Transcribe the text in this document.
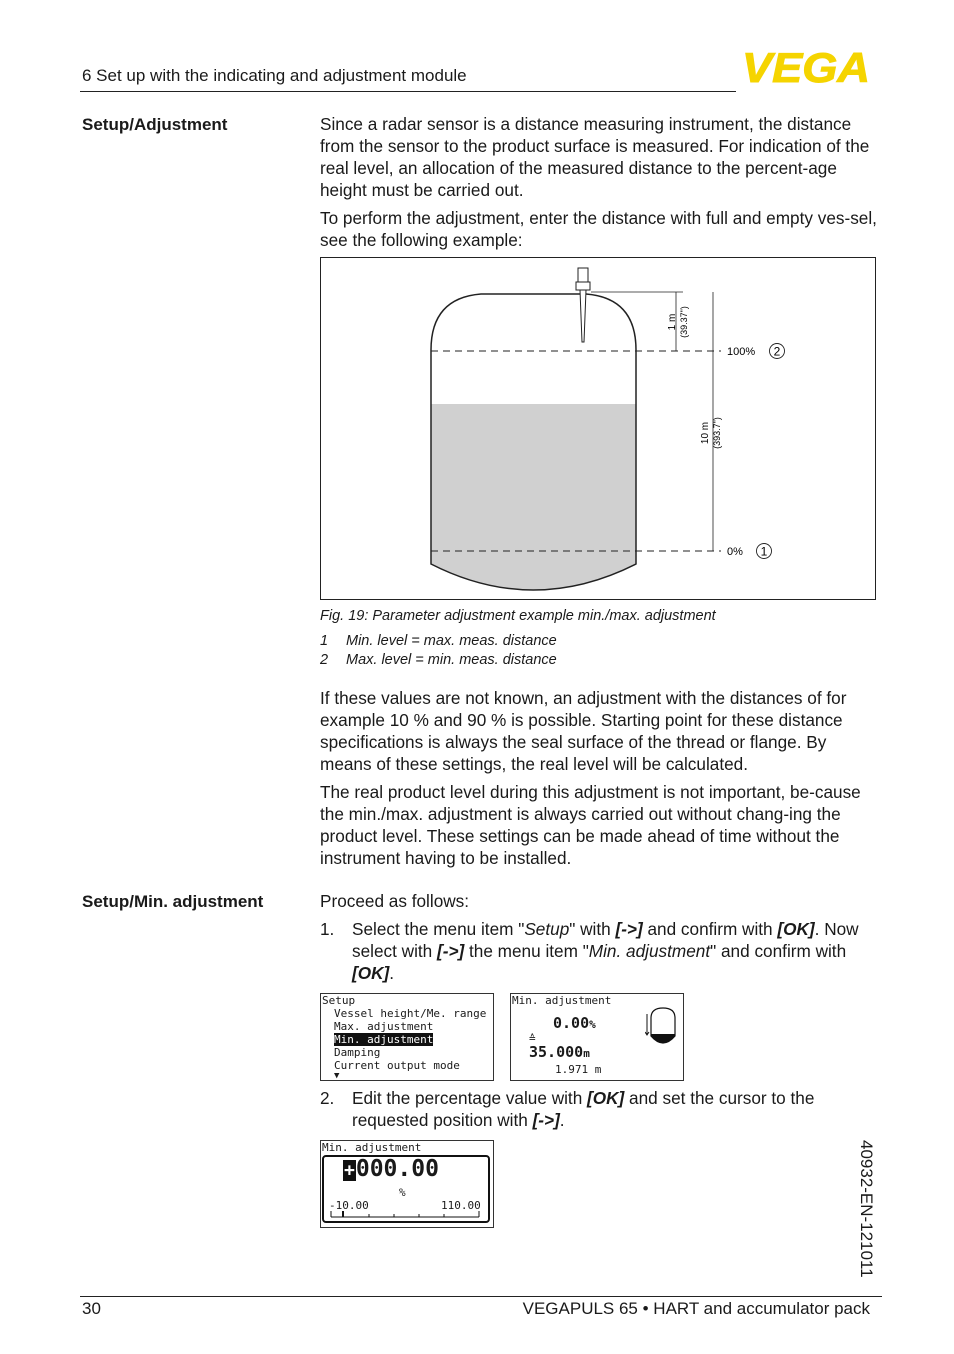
6 Set up with the indicating and adjustment module	VEGA
Setup/Adjustment	Since a radar sensor is a distance measuring instrument, the distance from the sensor to the product surface is measured. For indication of the real level, an allocation of the measured distance to the percent-age height must be carried out.

To perform the adjustment, enter the distance with full and empty ves-sel, see the following example:

1 m (39.37")
10 m (393.7")
100% 2
0% 1
Fig. 19: Parameter adjustment example min./max. adjustment
1 Min. level = max. meas. distance
2 Max. level = min. meas. distance

If these values are not known, an adjustment with the distances of for example 10 % and 90 % is possible. Starting point for these distance specifications is always the seal surface of the thread or flange. By means of these settings, the real level will be calculated.

The real product level during this adjustment is not important, be-cause the min./max. adjustment is always carried out without chang-ing the product level. These settings can be made ahead of time without the instrument having to be installed.

Setup/Min. adjustment	Proceed as follows:
1. Select the menu item "Setup" with [->] and confirm with [OK]. Now select with [->] the menu item "Min. adjustment" and confirm with [OK].
Setup
Vessel height/Me. range
Max. adjustment
Min. adjustment
Damping
Current output mode
▼
Min. adjustment
0.00%
≙
35.000m
1.971 m
2. Edit the percentage value with [OK] and set the cursor to the requested position with [->].
Min. adjustment
+000.00
%
-10.00	110.00	40932-EN-121011
30	VEGAPULS 65 • HART and accumulator pack
